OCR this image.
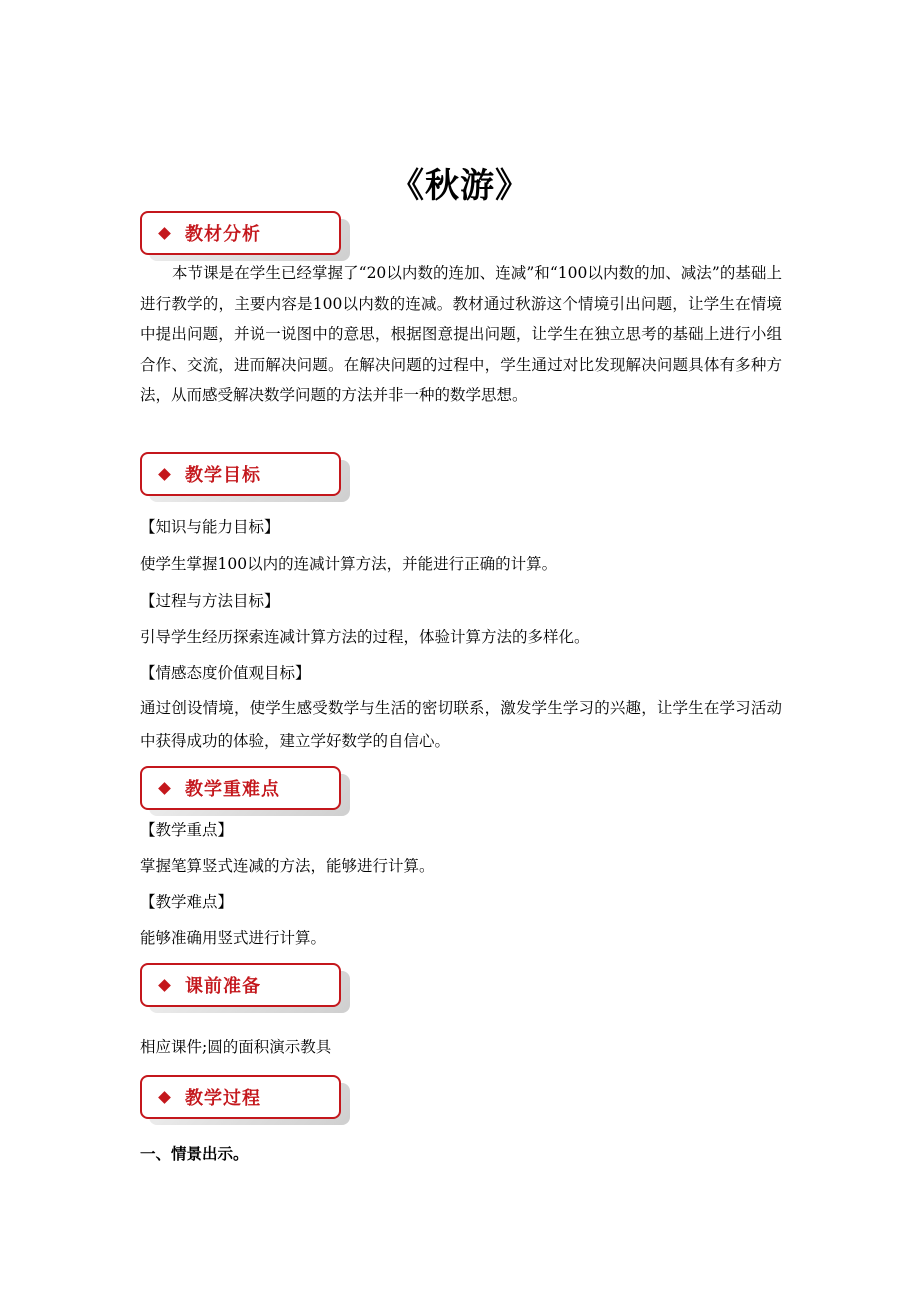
《秋游》
教材分析
本节课是在学生已经掌握了“20以内数的连加、连减”和“100以内数的加、减法”的基础上进行教学的，主要内容是100以内数的连减。教材通过秋游这个情境引出问题，让学生在情境中提出问题，并说一说图中的意思，根据图意提出问题，让学生在独立思考的基础上进行小组合作、交流，进而解决问题。在解决问题的过程中，学生通过对比发现解决问题具体有多种方法，从而感受解决数学问题的方法并非一种的数学思想。
教学目标
【知识与能力目标】
使学生掌握100以内的连减计算方法，并能进行正确的计算。
【过程与方法目标】
引导学生经历探索连减计算方法的过程，体验计算方法的多样化。
【情感态度价值观目标】
通过创设情境，使学生感受数学与生活的密切联系，激发学生学习的兴趣，让学生在学习活动中获得成功的体验，建立学好数学的自信心。
教学重难点
【教学重点】
掌握笔算竖式连减的方法，能够进行计算。
【教学难点】
能够准确用竖式进行计算。
课前准备
相应课件;圆的面积演示教具
教学过程
一、情景出示。
